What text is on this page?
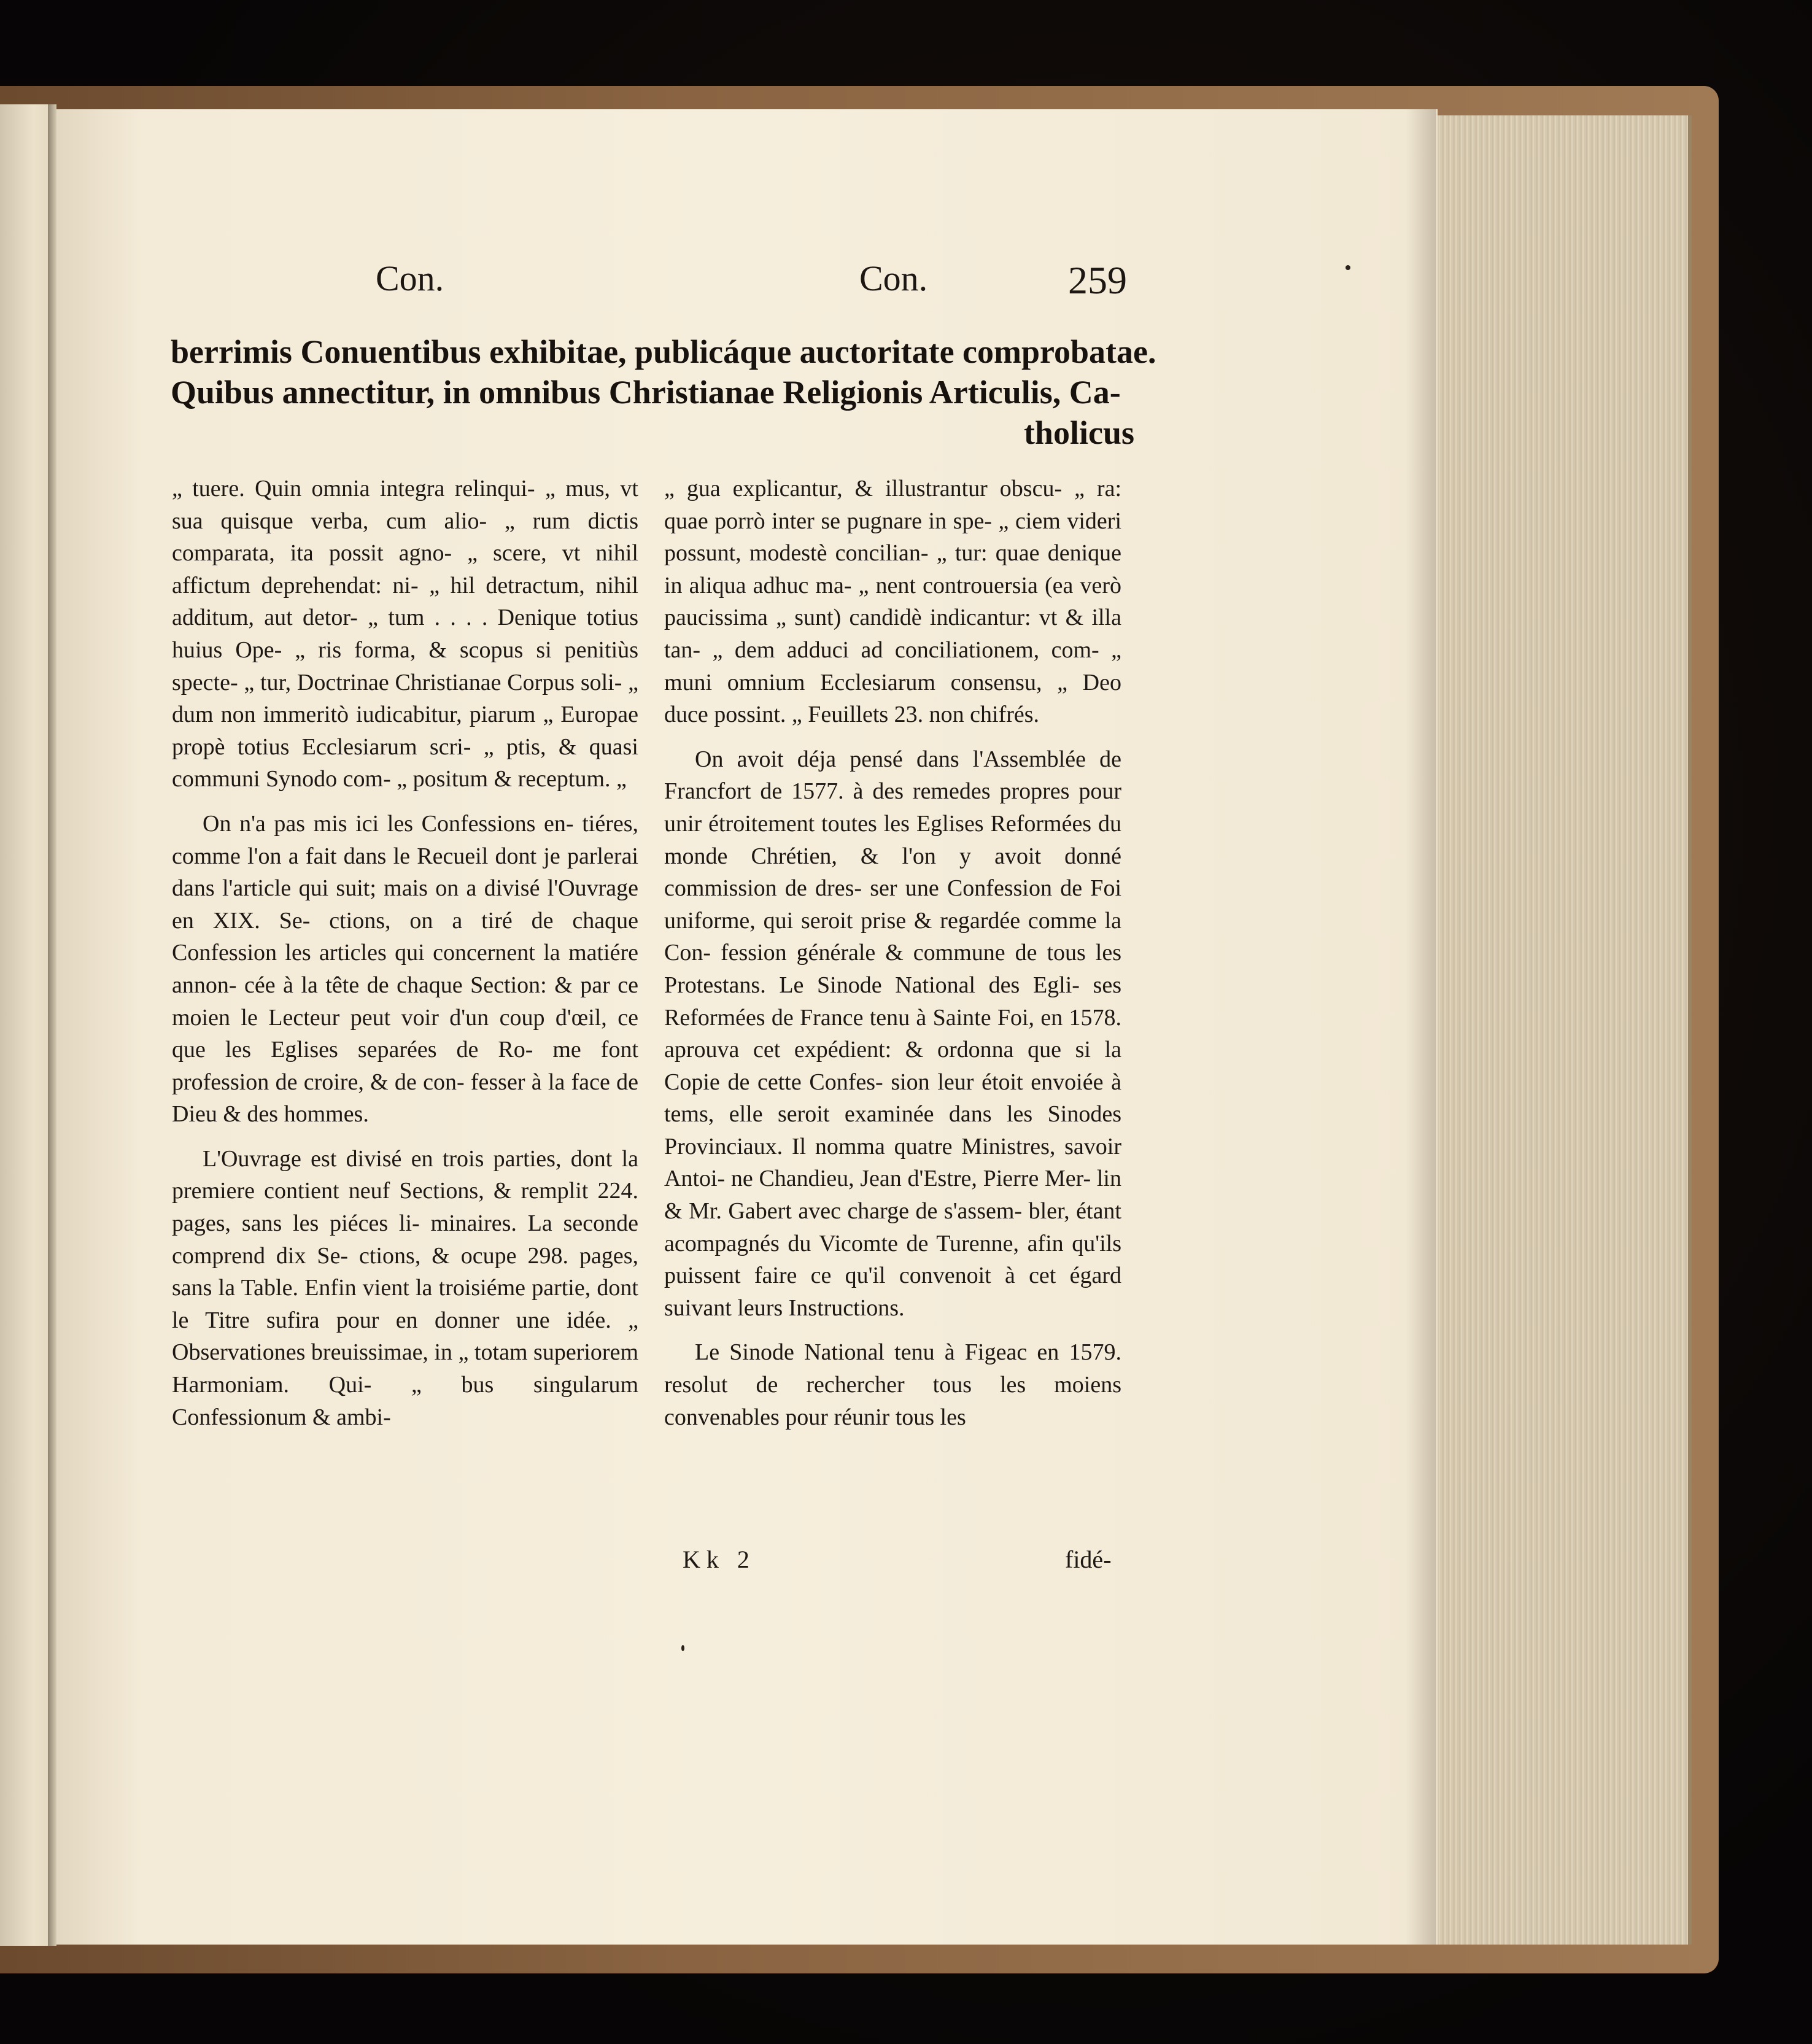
Con.	Con.	259
berrimis Conuentibus exhibitae, publicáque auctoritate comprobatae.
Quibus annectitur, in omnibus Christianae Religionis Articulis, Ca-
tholicus

„ tuere. Quin omnia integra relinqui- „ mus, vt sua quisque verba, cum alio- „ rum dictis comparata, ita possit agno- „ scere, vt nihil affictum deprehendat: ni- „ hil detractum, nihil additum, aut detor- „ tum . . . . Denique totius huius Ope- „ ris forma, & scopus si penitiùs specte- „ tur, Doctrinae Christianae Corpus soli- „ dum non immeritò iudicabitur, piarum „ Europae propè totius Ecclesiarum scri- „ ptis, & quasi communi Synodo com- „ positum & receptum. „

On n'a pas mis ici les Confessions en- tiéres, comme l'on a fait dans le Recueil dont je parlerai dans l'article qui suit; mais on a divisé l'Ouvrage en XIX. Se- ctions, on a tiré de chaque Confession les articles qui concernent la matiére annon- cée à la tête de chaque Section: & par ce moien le Lecteur peut voir d'un coup d'œil, ce que les Eglises separées de Ro- me font profession de croire, & de con- fesser à la face de Dieu & des hommes.

L'Ouvrage est divisé en trois parties, dont la premiere contient neuf Sections, & remplit 224. pages, sans les piéces li- minaires. La seconde comprend dix Se- ctions, & ocupe 298. pages, sans la Table. Enfin vient la troisiéme partie, dont le Titre sufira pour en donner une idée. „ Observationes breuissimae, in „ totam superiorem Harmoniam. Qui- „ bus singularum Confessionum & ambi-

„ gua explicantur, & illustrantur obscu- „ ra: quae porrò inter se pugnare in spe- „ ciem videri possunt, modestè concilian- „ tur: quae denique in aliqua adhuc ma- „ nent controuersia (ea verò paucissima „ sunt) candidè indicantur: vt & illa tan- „ dem adduci ad conciliationem, com- „ muni omnium Ecclesiarum consensu, „ Deo duce possint. „ Feuillets 23. non chifrés.

On avoit déja pensé dans l'Assemblée de Francfort de 1577. à des remedes propres pour unir étroitement toutes les Eglises Reformées du monde Chrétien, & l'on y avoit donné commission de dres- ser une Confession de Foi uniforme, qui seroit prise & regardée comme la Con- fession générale & commune de tous les Protestans. Le Sinode National des Egli- ses Reformées de France tenu à Sainte Foi, en 1578. aprouva cet expédient: & ordonna que si la Copie de cette Confes- sion leur étoit envoiée à tems, elle seroit examinée dans les Sinodes Provinciaux. Il nomma quatre Ministres, savoir Antoi- ne Chandieu, Jean d'Estre, Pierre Mer- lin & Mr. Gabert avec charge de s'assem- bler, étant acompagnés du Vicomte de Turenne, afin qu'ils puissent faire ce qu'il convenoit à cet égard suivant leurs Instructions.

Le Sinode National tenu à Figeac en 1579. resolut de rechercher tous les moiens convenables pour réunir tous les

Kk 2	fidé-
